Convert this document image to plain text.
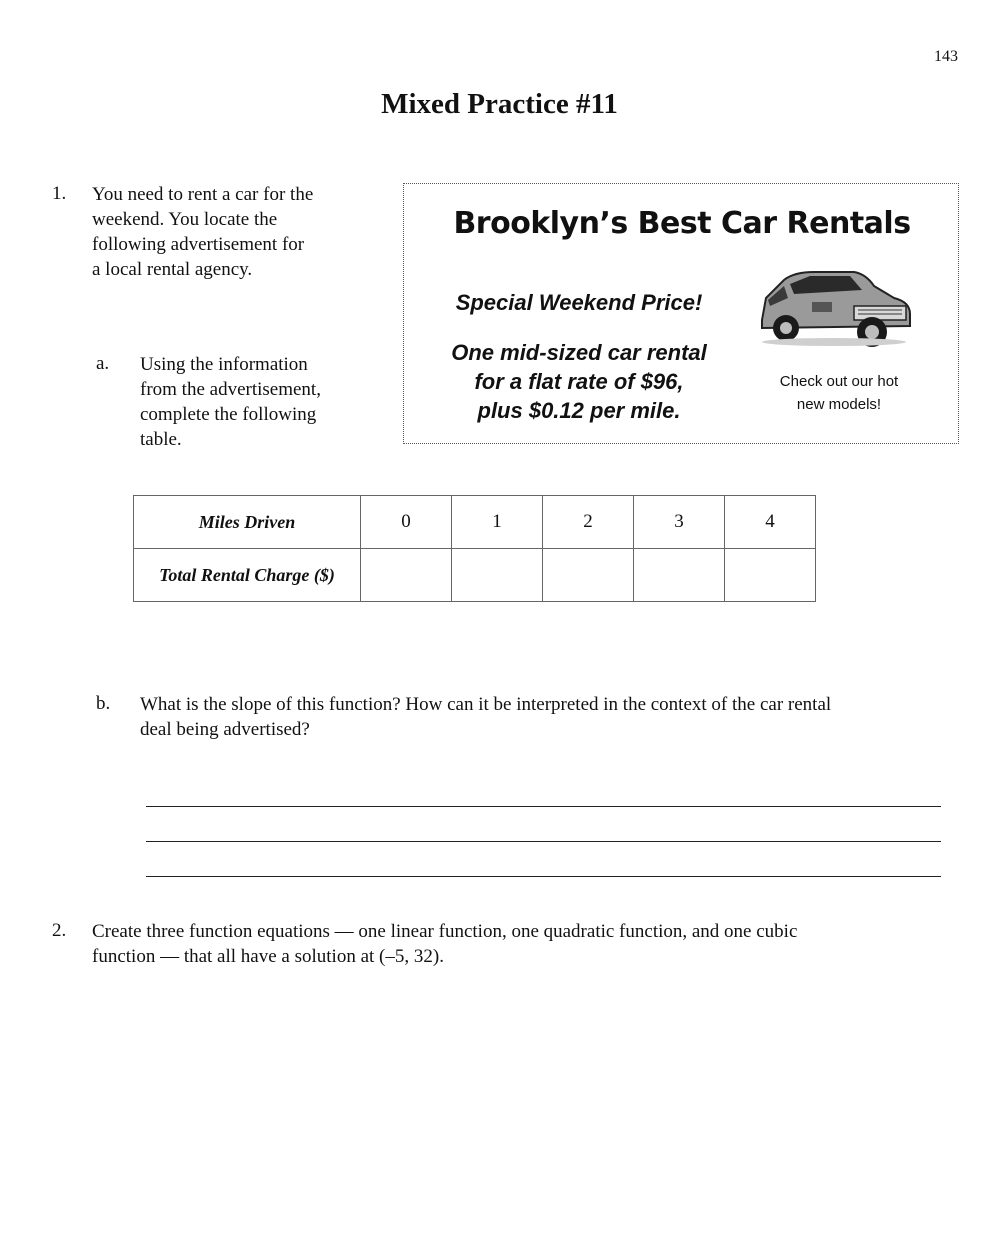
143
Mixed Practice #11
1. You need to rent a car for the
weekend. You locate the
following advertisement for
a local rental agency.
Brooklyn’s Best Car Rentals
Special Weekend Price!
One mid-sized car rental
for a flat rate of $96,
plus $0.12 per mile.
Check out our hot
new models!
a. Using the information
from the advertisement,
complete the following
table.
Miles Driven	0	1	2	3	4
Total Rental Charge ($)					
b. What is the slope of this function? How can it be interpreted in the context of the car rental
deal being advertised?
2. Create three function equations — one linear function, one quadratic function, and one cubic
function — that all have a solution at (–5, 32).
